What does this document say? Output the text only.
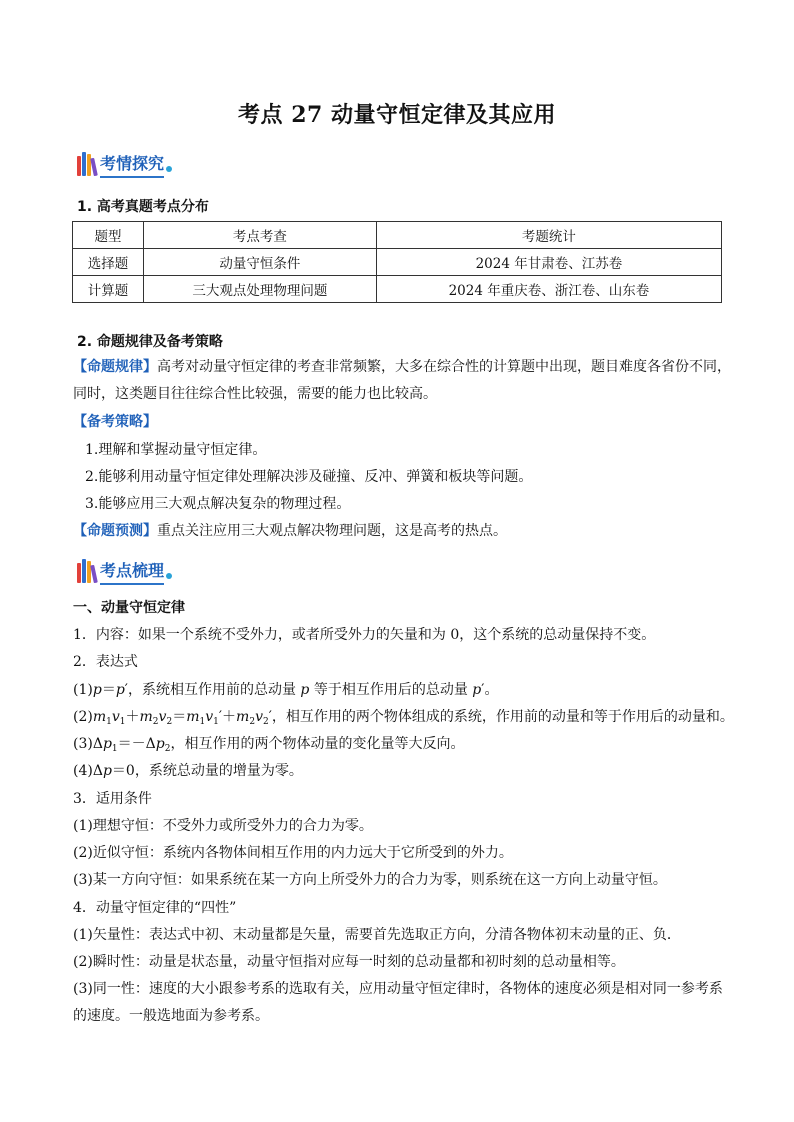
考点 27 动量守恒定律及其应用
考情探究
1. 高考真题考点分布
题型	考点考查	考题统计
选择题	动量守恒条件	2024 年甘肃卷、江苏卷
计算题	三大观点处理物理问题	2024 年重庆卷、浙江卷、山东卷
2. 命题规律及备考策略
【命题规律】高考对动量守恒定律的考查非常频繁，大多在综合性的计算题中出现，题目难度各省份不同，
同时，这类题目往往综合性比较强，需要的能力也比较高。
【备考策略】
1.理解和掌握动量守恒定律。
2.能够利用动量守恒定律处理解决涉及碰撞、反冲、弹簧和板块等问题。
3.能够应用三大观点解决复杂的物理过程。
【命题预测】重点关注应用三大观点解决物理问题，这是高考的热点。
考点梳理
一、动量守恒定律
1．内容：如果一个系统不受外力，或者所受外力的矢量和为 0，这个系统的总动量保持不变。
2．表达式
(1)p＝p′，系统相互作用前的总动量 p 等于相互作用后的总动量 p′。
$(2)m_1v_1+m_2v_2=m_1v_1'+m_2v_2'$，相互作用的两个物体组成的系统，作用前的动量和等于作用后的动量和。
$(3)\Delta p_1=-\Delta p_2$，相互作用的两个物体动量的变化量等大反向。
(4)Δp＝0，系统总动量的增量为零。
3．适用条件
(1)理想守恒：不受外力或所受外力的合力为零。
(2)近似守恒：系统内各物体间相互作用的内力远大于它所受到的外力。
(3)某一方向守恒：如果系统在某一方向上所受外力的合力为零，则系统在这一方向上动量守恒。
4．动量守恒定律的“四性”
(1)矢量性：表达式中初、末动量都是矢量，需要首先选取正方向，分清各物体初末动量的正、负．
(2)瞬时性：动量是状态量，动量守恒指对应每一时刻的总动量都和初时刻的总动量相等。
(3)同一性：速度的大小跟参考系的选取有关，应用动量守恒定律时，各物体的速度必须是相对同一参考系
的速度。一般选地面为参考系。
